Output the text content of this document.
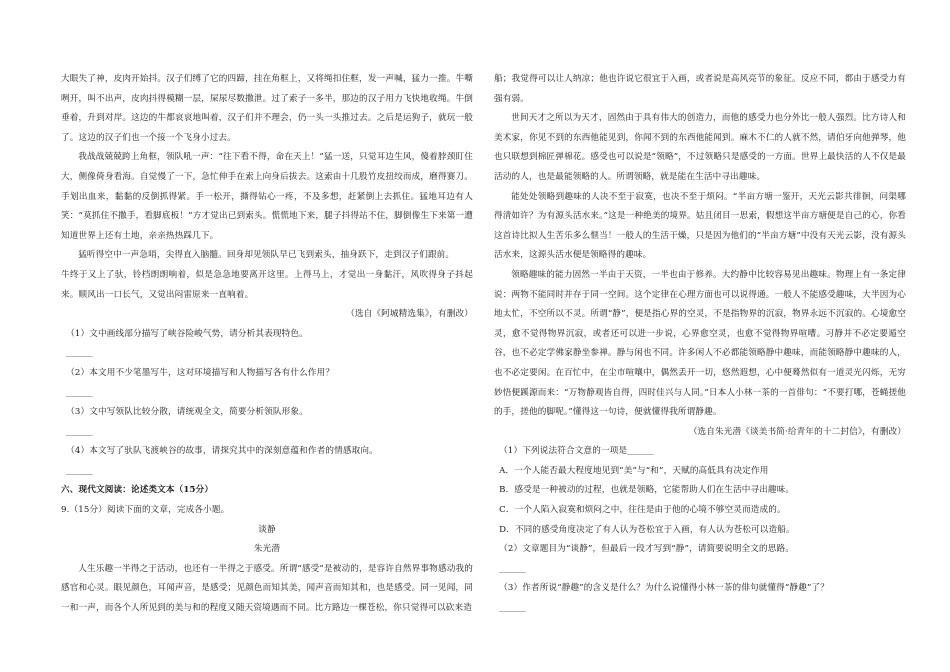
大眼失了神，皮肉开始抖。汉子们缚了它的四蹄，挂在角框上，又将绳扣住框，发一声喊，猛力一推。牛嘶咧开，叫不出声，皮肉抖得模糊一层，屎尿尽数撒泄。过了索子一多半，那边的汉子用力飞快地收绳。牛倒垂着，升到对岸。这边的牛都哀哀地叫着，汉子们并不理会，仍一头一头推过去。之后是运狗子，就玩一般了。这边的汉子们也一个接一个飞身小过去。

我战战兢兢跨上角框，领队吼一声：“往下看不得，命在天上！”猛一送，只觉耳边生风，傻着脖颈盯住大，侧像倚身看海。自觉慢了一下，急忙伸手在索上向身后拔去。这索由十几股竹皮扭绞而成，磨得赛刀。手划出血来，黏黏的反倒抓得紧。手一松开，撕得钻心一疼，不及多想，赶紧倒上去抓住。猛地耳边有人笑：“莫抓住不撒手，看脚底板！”方才觉出已到索头。慌慌地下来，腿子抖得站不住，脚倒像生下来第一遭知道世界上还有土地，亲亲热热踩几下。

猛听得空中一声急哨，尖得直入脑髓。回身却见领队早已飞到索头，抽身跃下，走到汉子们跟前。

牛终于又上了驮，铃档朗朗响着，似是急急地要离开这里。上得马上，才觉出一身黏汗，风吹得身子抖起来。顺风出一口长气，又觉出闷雷原来一直响着。

（选自《阿城精选集》，有删改）

（1）文中画线部分描写了峡谷险峻气势，请分析其表现特色。

______

（2）本文用不少笔墨写牛，这对环境描写和人物描写各有什么作用？

______

（3）文中写领队比较分散，请统观全文，简要分析领队形象。

______

（4）本文写了驮队飞渡峡谷的故事，请探究其中的深刻意蕴和作者的情感取向。

______

六、现代文阅读：论述类文本（15分）

9.（15分）阅读下面的文章，完成各小题。

谈静

朱光潜

人生乐趣一半得之于活动，也还有一半得之于感受。所谓“感受”是被动的，是容许自然界事物感动我的感官和心灵。眼见颜色，耳闻声音，是感受；见颜色而知其美，闻声音而知其和，也是感受。同一见闻，同一和一声，而各个人所见到的美与和的程度又随天资境遇而不同。比方路边一棵苍松，你只觉得可以砍来造

船；我觉得可以让人纳凉；他也许说它很宜于入画，或者说是高风亮节的象征。反应不同，都由于感受力有强有弱。

世间天才之所以为天才，固然由于具有伟大的创造力，而他的感受力也分外比一般人强烈。比方诗人和美术家，你见不到的东西他能见到，你闻不到的东西他能闻到。麻木不仁的人就不然，请伯牙向他弹琴，他也只联想到棉匠弹棉花。感受也可以说是“领略”，不过领略只是感受的一方面。世界上最快活的人不仅是最活动的人，也是最能领略的人。所谓领略，就是能在生活中寻出趣味。

能处处领略到趣味的人决不至于寂寞，也决不至于烦闷。“半亩方塘一鉴开，天光云影共徘徊，问渠哪得清如许？为有源头活水来。”这是一种绝美的境界。姑且闭目一思索，假想这半亩方塘便是自己的心，你看这首诗比拟人生苦乐多么惬当！一般人的生活干燥，只是因为他们的“半亩方塘”中没有天光云影，没有源头活水来，这源头活水便是领略得的趣味。

领略趣味的能力固然一半由于天资，一半也由于修养。大约静中比较容易见出趣味。物理上有一条定律说：两物不能同时并存于同一空间。这个定律在心理方面也可以说得通。一般人不能感受趣味，大半因为心地太忙，不空所以不灵。所谓“静”，便是指心界的空灵，不是指物界的沉寂，物界永远不沉寂的。心境愈空灵，愈不觉得物界沉寂，或者还可以进一步说，心界愈空灵，也愈不觉得物界喧嘈。习静并不必定要遁空谷，也不必定学佛家静坐参禅。静与闲也不同。许多闲人不必都能领略静中趣味，而能领略静中趣味的人，也不必定要闲。在百忙中，在尘市喧嚷中，偶然丢开一切，悠然遐想，心中便蓦然似有一道灵光闪烁，无穷妙悟便蹊源而来：“万物静观皆自得，四时佳兴与人同。”日本人小林一茶的一首俳句：“不要打哪，苍蝇搓他的手，搓他的脚呢。”懂得这一句诗，便就懂得我所谓静趣。

（选自朱光潜《谈美书简·给青年的十二封信》，有删改）

（1）下列说法符合文意的一项是______

A．一个人能否最大程度地见到“美”与“和”，天赋的高低具有决定作用

B．感受是一种被动的过程，也就是领略，它能帮助人们在生活中寻出趣味。

C．一个人陷入寂寞和烦闷之中，往往是由于他的心境不够空灵而造成的。

D．不同的感受角度决定了有人认为苍松宜于入画，有人认为苍松可以造船。

（2）文章题目为“谈静”，但最后一段才写到“静”，请简要说明全文的思路。

______

（3）作者所说“静趣”的含义是什么？为什么说懂得小林一茶的俳句就懂得“静趣”了？

______
